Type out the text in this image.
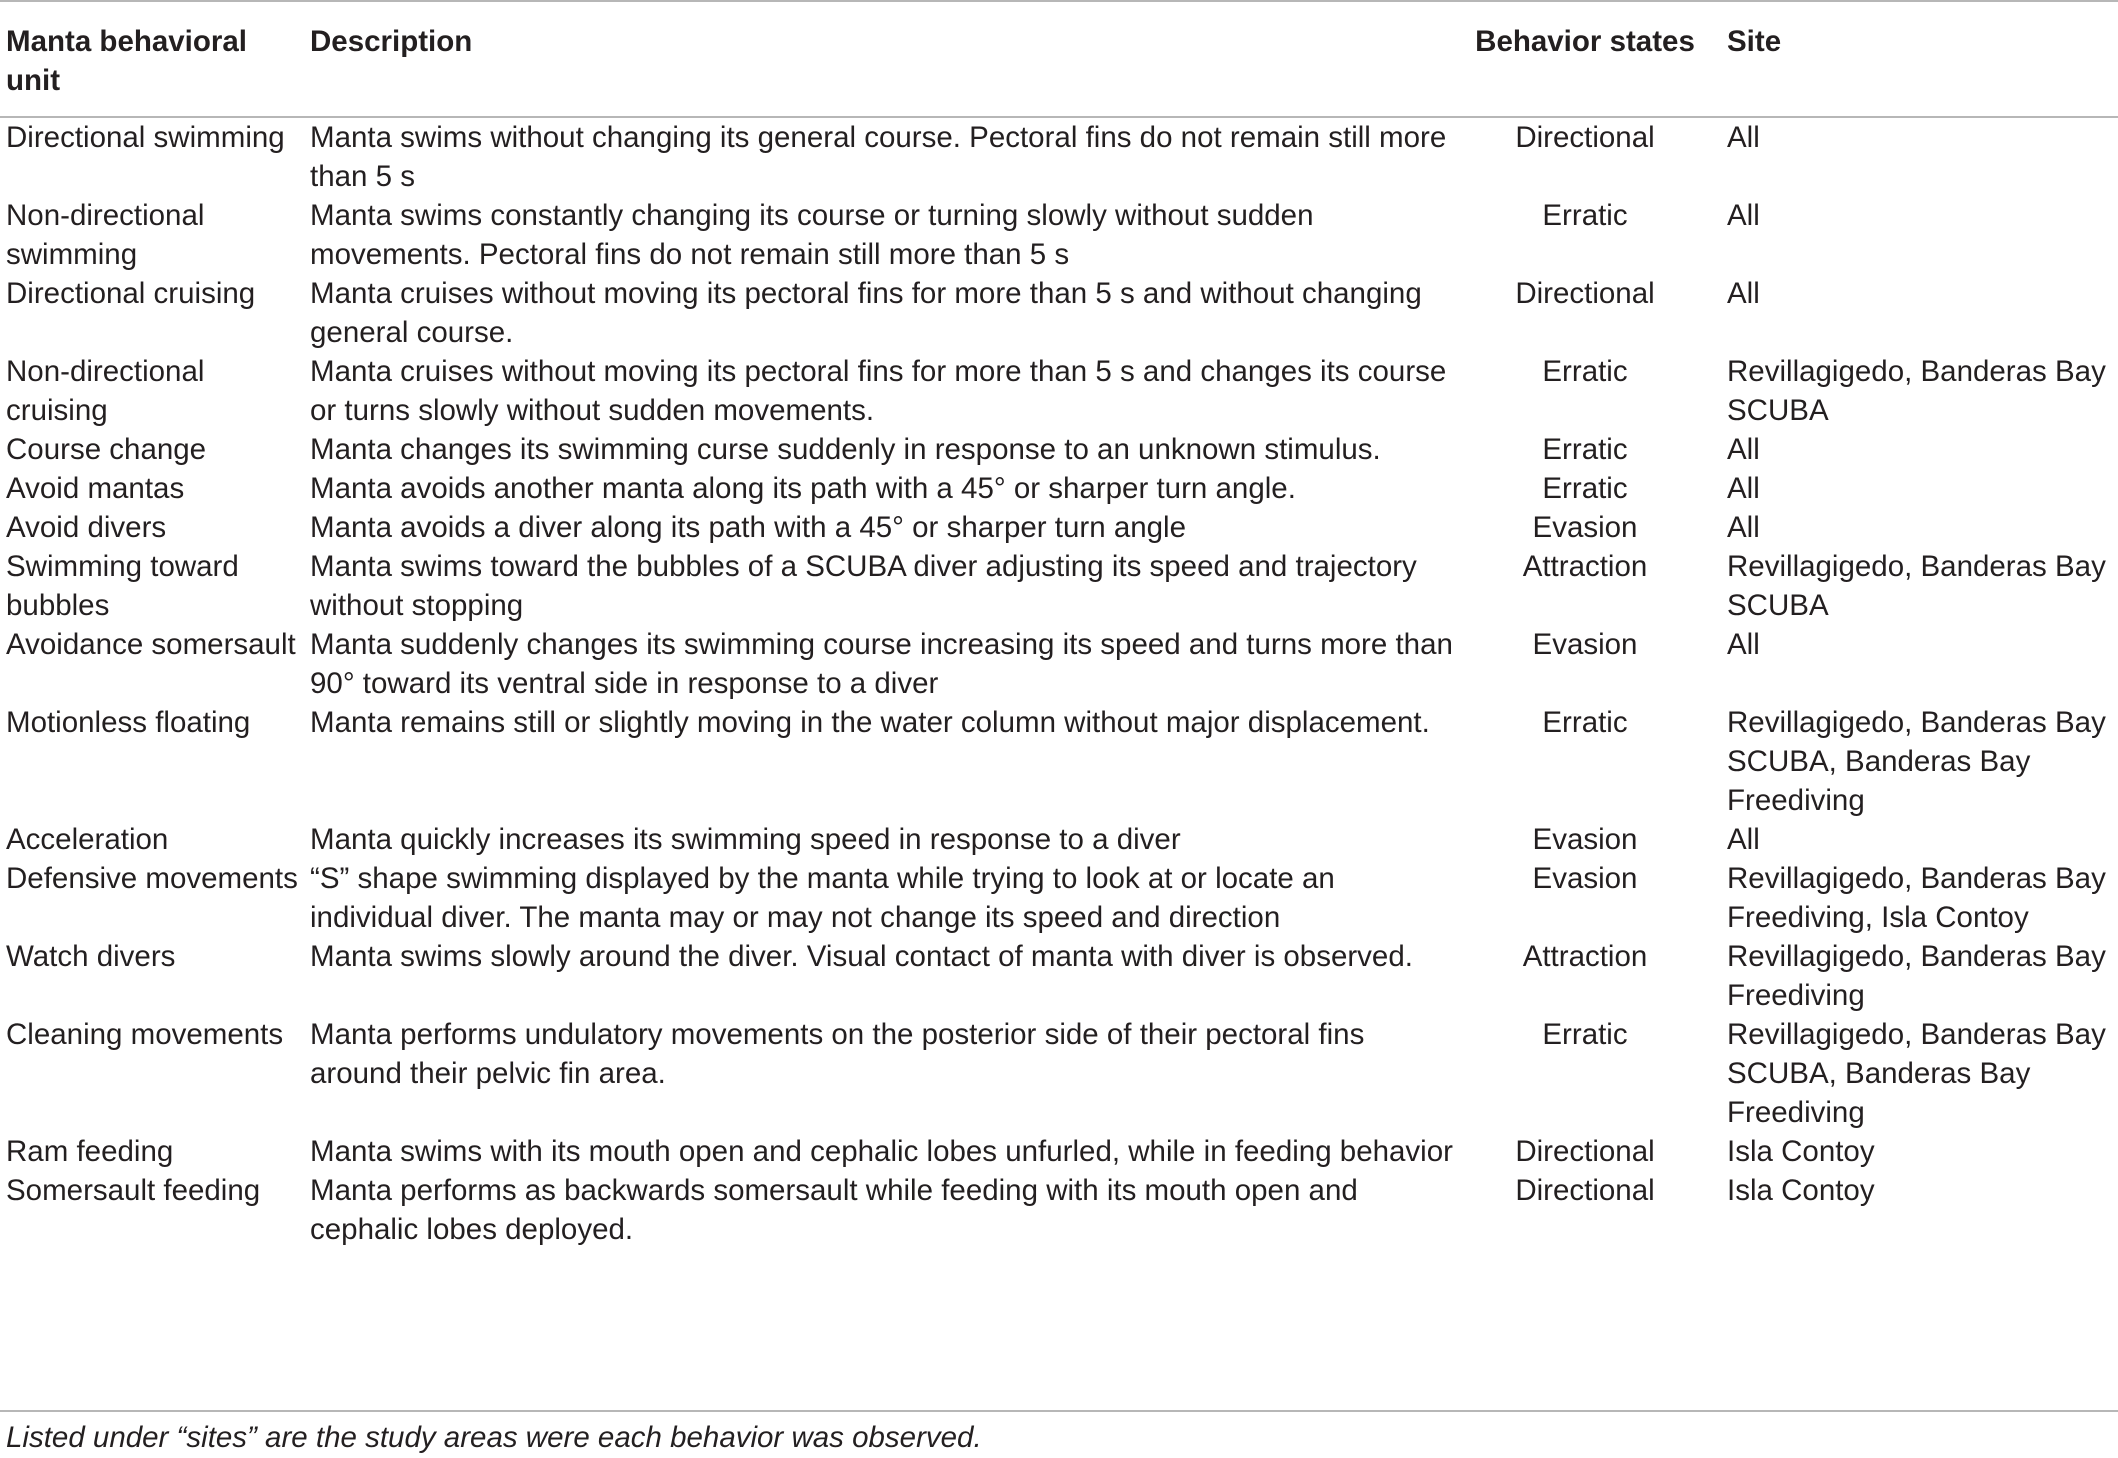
Manta behavioral unit	Description	Behavior states	Site
Directional swimming	Manta swims without changing its general course. Pectoral fins do not remain still more than 5 s	Directional	All
Non-directional swimming	Manta swims constantly changing its course or turning slowly without sudden movements. Pectoral fins do not remain still more than 5 s	Erratic	All
Directional cruising	Manta cruises without moving its pectoral fins for more than 5 s and without changing general course.	Directional	All
Non-directional cruising	Manta cruises without moving its pectoral fins for more than 5 s and changes its course or turns slowly without sudden movements.	Erratic	Revillagigedo, Banderas Bay SCUBA
Course change	Manta changes its swimming curse suddenly in response to an unknown stimulus.	Erratic	All
Avoid mantas	Manta avoids another manta along its path with a 45° or sharper turn angle.	Erratic	All
Avoid divers	Manta avoids a diver along its path with a 45° or sharper turn angle	Evasion	All
Swimming toward bubbles	Manta swims toward the bubbles of a SCUBA diver adjusting its speed and trajectory without stopping	Attraction	Revillagigedo, Banderas Bay SCUBA
Avoidance somersault	Manta suddenly changes its swimming course increasing its speed and turns more than 90° toward its ventral side in response to a diver	Evasion	All
Motionless floating	Manta remains still or slightly moving in the water column without major displacement.	Erratic	Revillagigedo, Banderas Bay SCUBA, Banderas Bay Freediving
Acceleration	Manta quickly increases its swimming speed in response to a diver	Evasion	All
Defensive movements	“S” shape swimming displayed by the manta while trying to look at or locate an individual diver. The manta may or may not change its speed and direction	Evasion	Revillagigedo, Banderas Bay Freediving, Isla Contoy
Watch divers	Manta swims slowly around the diver. Visual contact of manta with diver is observed.	Attraction	Revillagigedo, Banderas Bay Freediving
Cleaning movements	Manta performs undulatory movements on the posterior side of their pectoral fins around their pelvic fin area.	Erratic	Revillagigedo, Banderas Bay SCUBA, Banderas Bay Freediving
Ram feeding	Manta swims with its mouth open and cephalic lobes unfurled, while in feeding behavior	Directional	Isla Contoy
Somersault feeding	Manta performs as backwards somersault while feeding with its mouth open and cephalic lobes deployed.	Directional	Isla Contoy
Listed under “sites” are the study areas were each behavior was observed.
